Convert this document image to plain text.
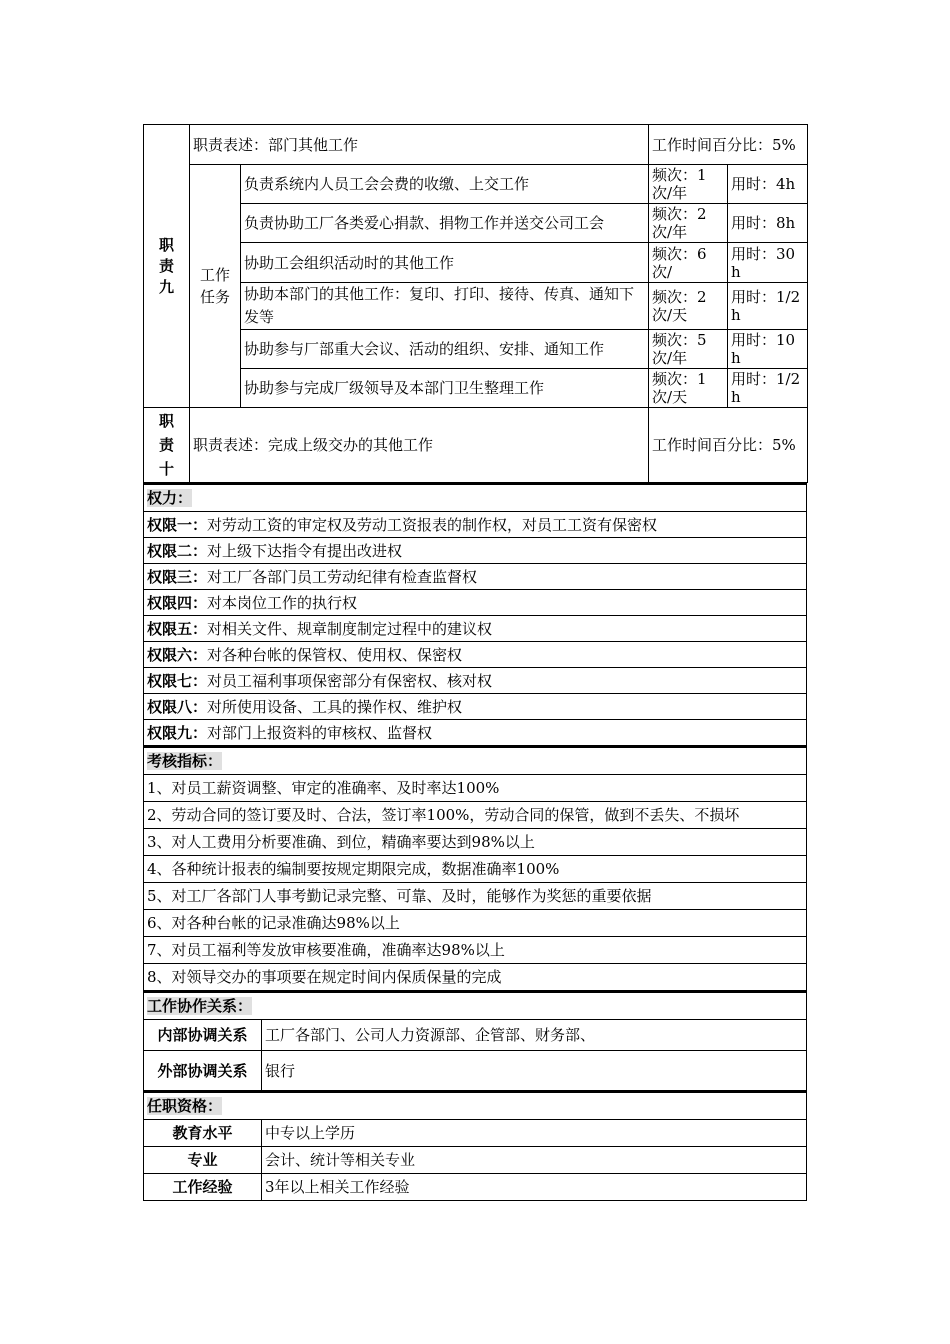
职
责
九	职责表述：部门其他工作		工作时间百分比：5%	
	工作
任务	负责系统内人员工会会费的收缴、上交工作	频次：1次/年	用时：4h
		负责协助工厂各类爱心捐款、捐物工作并送交公司工会	频次：2次/年	用时：8h
		协助工会组织活动时的其他工作	频次：6次/	用时：30h
		协助本部门的其他工作：复印、打印、接待、传真、通知下发等	频次：2次/天	用时：1/2 h
		协助参与厂部重大会议、活动的组织、安排、通知工作	频次：5次/年	用时：10h
		协助参与完成厂级领导及本部门卫生整理工作	频次：1次/天	用时：1/2h
职
责
十	职责表述：完成上级交办的其他工作		工作时间百分比：5%	
权力：
权限一：对劳动工资的审定权及劳动工资报表的制作权，对员工工资有保密权
权限二：对上级下达指令有提出改进权
权限三：对工厂各部门员工劳动纪律有检查监督权
权限四：对本岗位工作的执行权
权限五：对相关文件、规章制度制定过程中的建议权
权限六：对各种台帐的保管权、使用权、保密权
权限七：对员工福利事项保密部分有保密权、核对权
权限八：对所使用设备、工具的操作权、维护权
权限九：对部门上报资料的审核权、监督权
考核指标：
1、对员工薪资调整、审定的准确率、及时率达100%
2、劳动合同的签订要及时、合法，签订率100%，劳动合同的保管，做到不丢失、不损坏
3、对人工费用分析要准确、到位，精确率要达到98%以上
4、各种统计报表的编制要按规定期限完成，数据准确率100%
5、对工厂各部门人事考勤记录完整、可靠、及时，能够作为奖惩的重要依据
6、对各种台帐的记录准确达98%以上
7、对员工福利等发放审核要准确，准确率达98%以上
8、对领导交办的事项要在规定时间内保质保量的完成
工作协作关系：	
内部协调关系	工厂各部门、公司人力资源部、企管部、财务部、
外部协调关系	银行
任职资格：	
教育水平	中专以上学历
专业	会计、统计等相关专业
工作经验	3年以上相关工作经验
